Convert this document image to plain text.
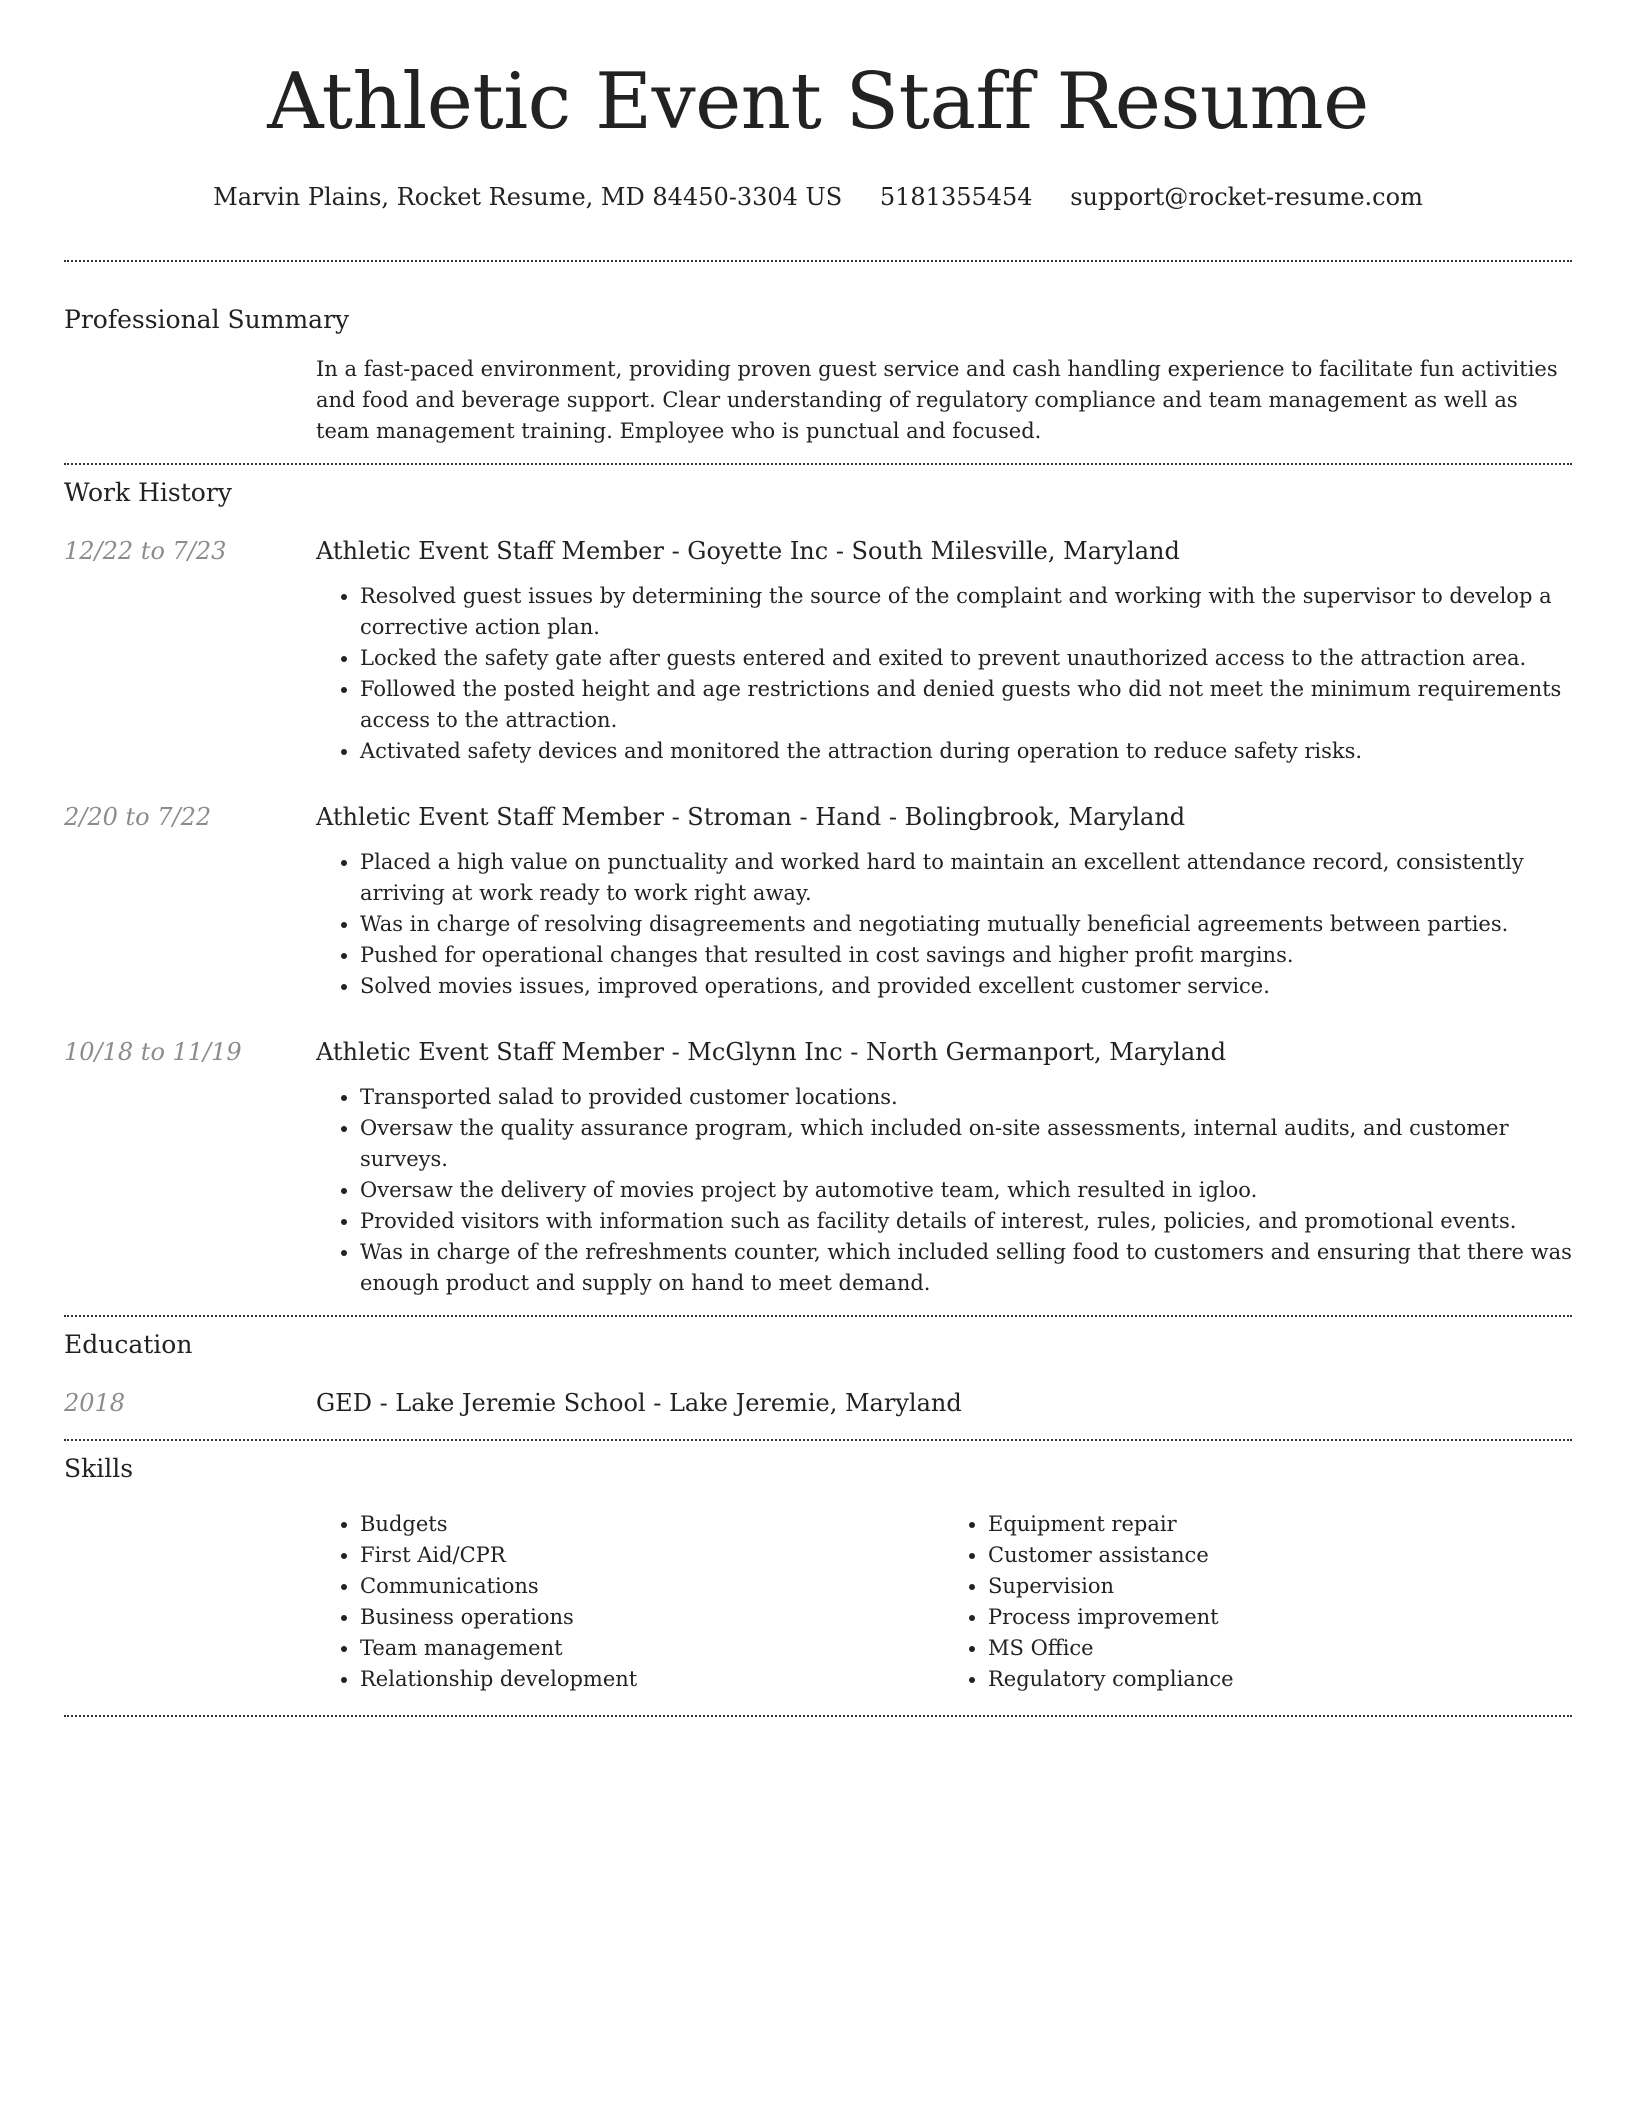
Athletic Event Staff Resume
Marvin Plains, Rocket Resume, MD 84450-3304 US 5181355454 support@rocket-resume.com
Professional Summary
In a fast-paced environment, providing proven guest service and cash handling experience to facilitate fun activities and food and beverage support. Clear understanding of regulatory compliance and team management as well as team management training. Employee who is punctual and focused.
Work History
12/22 to 7/23	Athletic Event Staff Member - Goyette Inc - South Milesville, Maryland
• Resolved guest issues by determining the source of the complaint and working with the supervisor to develop a corrective action plan.
• Locked the safety gate after guests entered and exited to prevent unauthorized access to the attraction area.
• Followed the posted height and age restrictions and denied guests who did not meet the minimum requirements access to the attraction.
• Activated safety devices and monitored the attraction during operation to reduce safety risks.
2/20 to 7/22	Athletic Event Staff Member - Stroman - Hand - Bolingbrook, Maryland
• Placed a high value on punctuality and worked hard to maintain an excellent attendance record, consistently arriving at work ready to work right away.
• Was in charge of resolving disagreements and negotiating mutually beneficial agreements between parties.
• Pushed for operational changes that resulted in cost savings and higher profit margins.
• Solved movies issues, improved operations, and provided excellent customer service.
10/18 to 11/19	Athletic Event Staff Member - McGlynn Inc - North Germanport, Maryland
• Transported salad to provided customer locations.
• Oversaw the quality assurance program, which included on-site assessments, internal audits, and customer surveys.
• Oversaw the delivery of movies project by automotive team, which resulted in igloo.
• Provided visitors with information such as facility details of interest, rules, policies, and promotional events.
• Was in charge of the refreshments counter, which included selling food to customers and ensuring that there was enough product and supply on hand to meet demand.
Education
2018	GED - Lake Jeremie School - Lake Jeremie, Maryland
Skills
• Budgets
• First Aid/CPR
• Communications
• Business operations
• Team management
• Relationship development
• Equipment repair
• Customer assistance
• Supervision
• Process improvement
• MS Office
• Regulatory compliance
